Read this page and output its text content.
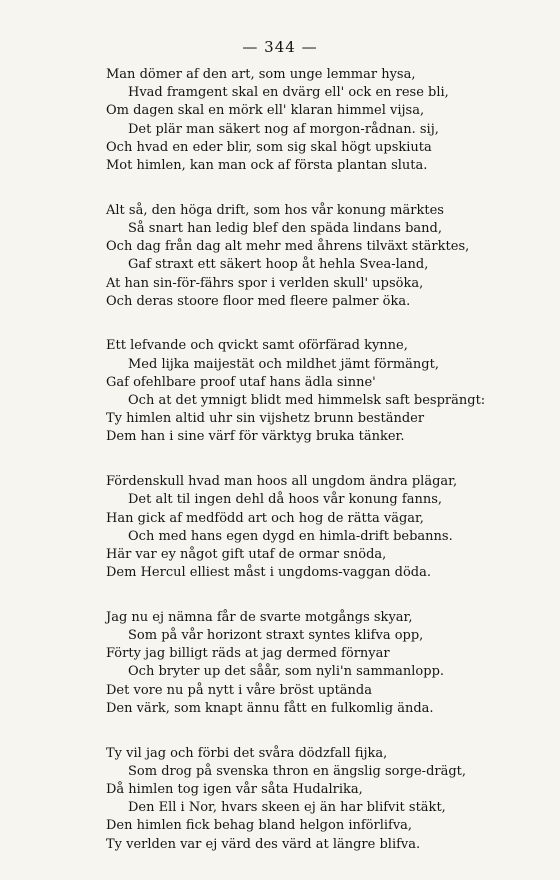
— 344 —
Man dömer af den art, som unge lemmar hysa,
Hvad framgent skal en dvärg ell' ock en rese bli,
Om dagen skal en mörk ell' klaran himmel vijsa,
Det plär man säkert nog af morgon-rådnan. sij,
Och hvad en eder blir, som sig skal högt upskiuta
Mot himlen, kan man ock af första plantan sluta.
Alt så, den höga drift, som hos vår konung märktes
Så snart han ledig blef den späda lindans band,
Och dag från dag alt mehr med åhrens tilväxt stärktes,
Gaf straxt ett säkert hoop åt hehla Svea-land,
At han sin-för-fährs spor i verlden skull' upsöka,
Och deras stoore floor med fleere palmer öka.
Ett lefvande och qvickt samt oförfärad kynne,
Med lijka maijestät och mildhet jämt förmängt,
Gaf ofehlbare proof utaf hans ädla sinne'
Och at det ymnigt blidt med himmelsk saft besprängt:
Ty himlen altid uhr sin vijshetz brunn beständer
Dem han i sine värf för värktyg bruka tänker.
Fördenskull hvad man hoos all ungdom ändra plägar,
Det alt til ingen dehl då hoos vår konung fanns,
Han gick af medfödd art och hog de rätta vägar,
Och med hans egen dygd en himla-drift bebanns.
Här var ey något gift utaf de ormar snöda,
Dem Hercul elliest måst i ungdoms-vaggan döda.
Jag nu ej nämna får de svarte motgångs skyar,
Som på vår horizont straxt syntes klifva opp,
Förty jag billigt räds at jag dermed förnyar
Och bryter up det såår, som nyli'n sammanlopp.
Det vore nu på nytt i våre bröst uptända
Den värk, som knapt ännu fått en fulkomlig ända.
Ty vil jag och förbi det svåra dödzfall fijka,
Som drog på svenska thron en ängslig sorge-drägt,
Då himlen tog igen vår såta Hudalrika,
Den Ell i Nor, hvars skeen ej än har blifvit stäkt,
Den himlen fick behag bland helgon införlifva,
Ty verlden var ej värd des värd at längre blifva.
